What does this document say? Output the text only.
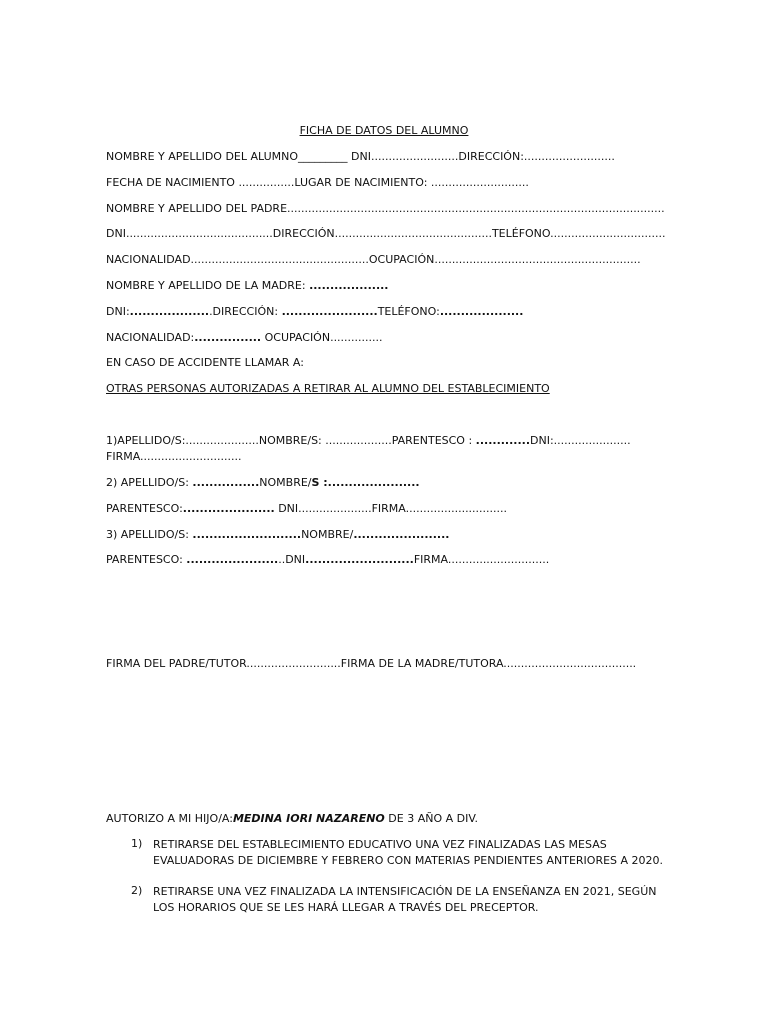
FICHA DE DATOS DEL ALUMNO
NOMBRE Y APELLIDO DEL ALUMNO_________ DNI.........................DIRECCIÓN:..........................
FECHA DE NACIMIENTO ................LUGAR DE NACIMIENTO: ............................
NOMBRE Y APELLIDO DEL PADRE............................................................................................................
DNI..........................................DIRECCIÓN.............................................TELÉFONO.................................
NACIONALIDAD...................................................OCUPACIÓN...........................................................
NOMBRE Y APELLIDO DE LA MADRE: ...................
DNI:....................DIRECCIÓN: .......................TELÉFONO:....................
NACIONALIDAD:................ OCUPACIÓN...............
EN CASO DE ACCIDENTE LLAMAR A:
OTRAS PERSONAS AUTORIZADAS A RETIRAR AL ALUMNO DEL ESTABLECIMIENTO
1)APELLIDO/S:.....................NOMBRE/S: ...................PARENTESCO : .............DNI:......................
FIRMA.............................
2) APELLIDO/S: ................NOMBRE/S :......................
PARENTESCO:...................... DNI.....................FIRMA.............................
3) APELLIDO/S: ..........................NOMBRE/.......................
PARENTESCO: ........................DNI..........................FIRMA.............................
FIRMA DEL PADRE/TUTOR...........................FIRMA DE LA MADRE/TUTORA......................................
AUTORIZO A MI HIJO/A:MEDINA IORI NAZARENO DE 3 AÑO A DIV.
1) RETIRARSE DEL ESTABLECIMIENTO EDUCATIVO UNA VEZ FINALIZADAS LAS MESAS EVALUADORAS DE DICIEMBRE Y FEBRERO CON MATERIAS PENDIENTES ANTERIORES A 2020.
2) RETIRARSE UNA VEZ FINALIZADA LA INTENSIFICACIÓN DE LA ENSEÑANZA EN 2021, SEGÚN LOS HORARIOS QUE SE LES HARÁ LLEGAR A TRAVÉS DEL PRECEPTOR.
